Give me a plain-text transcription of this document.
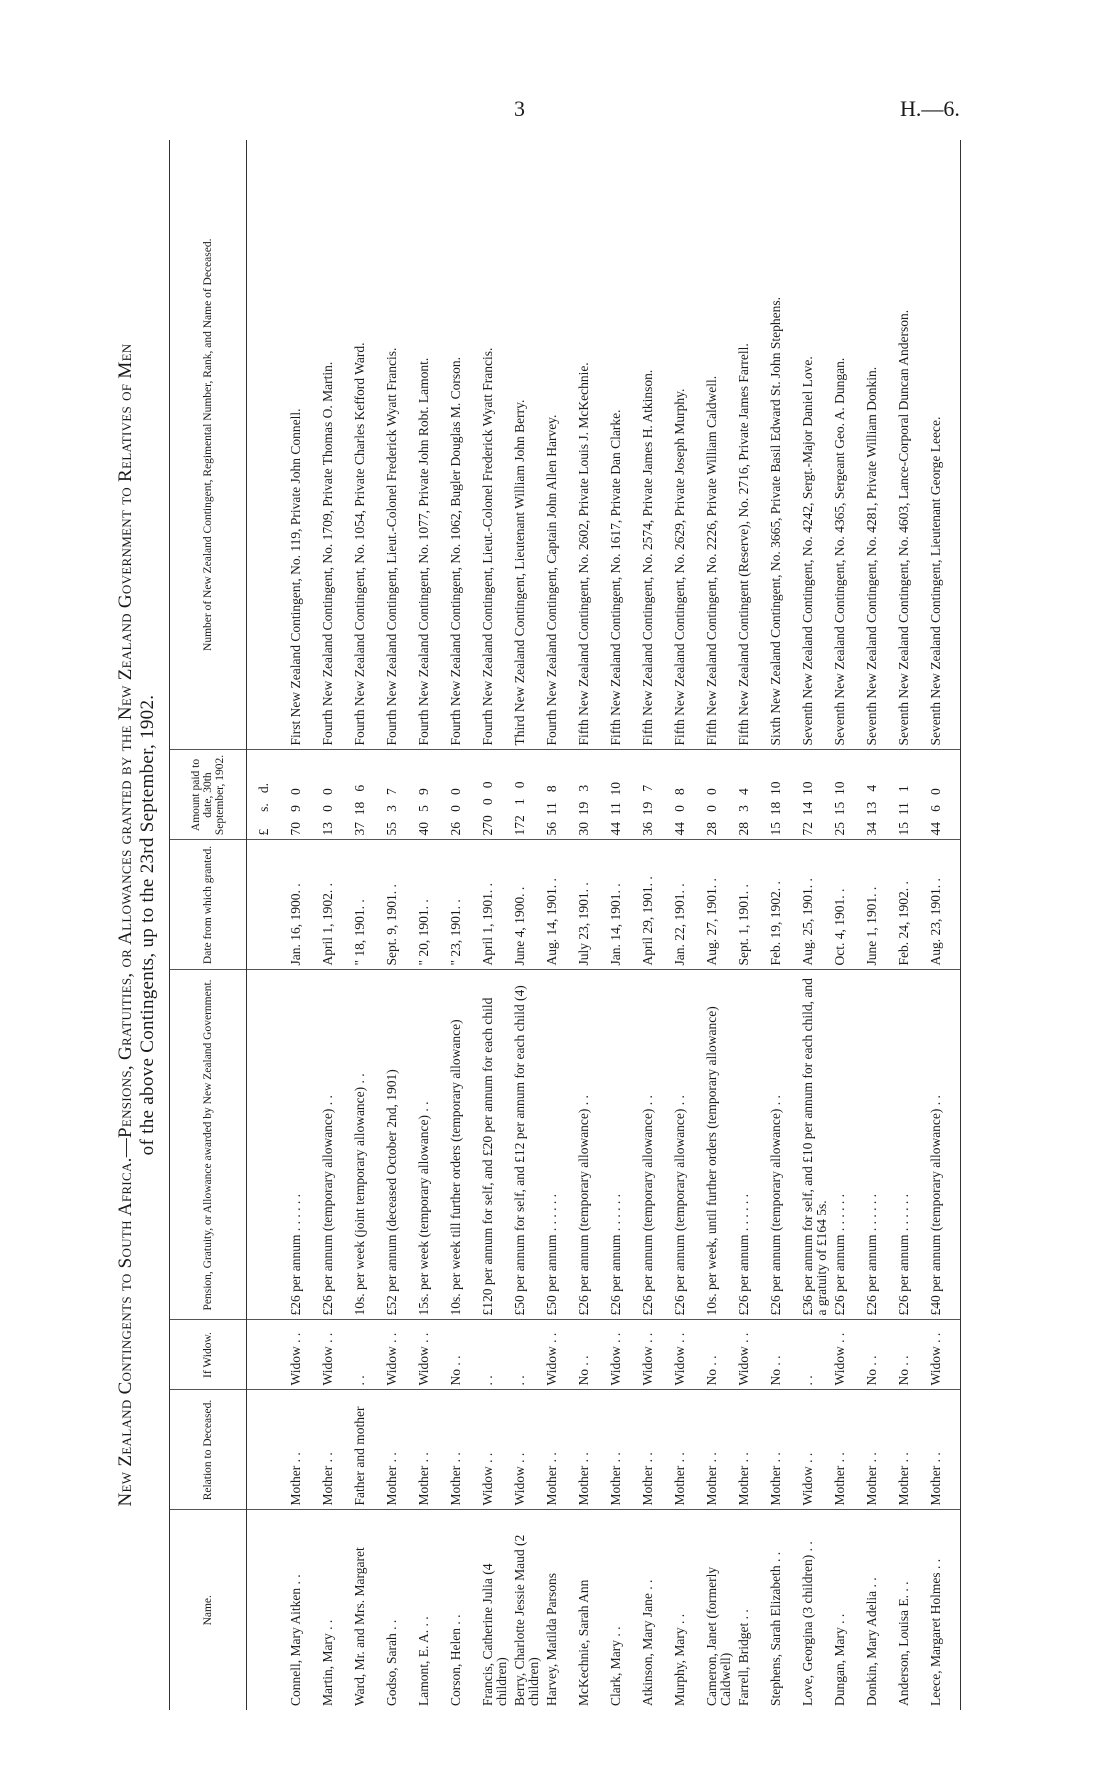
3	H.—6.
New Zealand Contingents to South Africa.—Pensions, Gratuities, or Allowances granted by the New Zealand Government to Relatives of Men of the above Contingents, up to the 23rd September, 1902.
Name.	Relation to Deceased.	If Widow.	Pension, Gratuity, or Allowance awarded by New Zealand Government.	Date from which granted.	Amount paid to date, 30th September, 1902.	Number of New Zealand Contingent, Regimental Number, Rank, and Name of Deceased.
					£     s.   d.	
Connell, Mary Aitken . .	Mother . .	Widow . .	£26 per annum . . . . . .	Jan. 16, 1900. .	70   9   0	First New Zealand Contingent, No. 119, Private John Connell.
Martin, Mary . .	Mother . .	Widow . .	£26 per annum (temporary allowance) . .	April 1, 1902. .	13   0   0	Fourth New Zealand Contingent, No. 1709, Private Thomas O. Martin.
Ward, Mr. and Mrs. Margaret	Father and mother	. .	10s. per week (joint temporary allowance) . .	" 18, 1901. .	37  18   6	Fourth New Zealand Contingent, No. 1054, Private Charles Kefford Ward.
Godso, Sarah . .	Mother . .	Widow . .	£52 per annum (deceased October 2nd, 1901)	Sept. 9, 1901. .	55   3   7	Fourth New Zealand Contingent, Lieut.-Colonel Frederick Wyatt Francis.
Lamont, E. A. . .	Mother . .	Widow . .	15s. per week (temporary allowance) . .	" 20, 1901. .	40   5   9	Fourth New Zealand Contingent, No. 1077, Private John Robt. Lamont.
Corson, Helen . .	Mother . .	No . .	10s. per week till further orders (temporary allowance)	" 23, 1901. .	26   0   0	Fourth New Zealand Contingent, No. 1062, Bugler Douglas M. Corson.
Francis, Catherine Julia (4 children)	Widow . .	. .	£120 per annum for self, and £20 per annum for each child	April 1, 1901. .	270   0   0	Fourth New Zealand Contingent, Lieut.-Colonel Frederick Wyatt Francis.
Berry, Charlotte Jessie Maud (2 children)	Widow . .	. .	£50 per annum for self, and £12 per annum for each child (4)	June 4, 1900. .	172   1   0	Third New Zealand Contingent, Lieutenant William John Berry.
Harvey, Matilda Parsons	Mother . .	Widow . .	£50 per annum . . . . . .	Aug. 14, 1901. .	56  11   8	Fourth New Zealand Contingent, Captain John Allen Harvey.
McKechnie, Sarah Ann	Mother . .	No . .	£26 per annum (temporary allowance) . .	July 23, 1901. .	30  19   3	Fifth New Zealand Contingent, No. 2602, Private Louis J. McKechnie.
Clark, Mary . .	Mother . .	Widow . .	£26 per annum . . . . . .	Jan. 14, 1901. .	44  11  10	Fifth New Zealand Contingent, No. 1617, Private Dan Clarke.
Atkinson, Mary Jane . .	Mother . .	Widow . .	£26 per annum (temporary allowance) . .	April 29, 1901. .	36  19   7	Fifth New Zealand Contingent, No. 2574, Private James H. Atkinson.
Murphy, Mary . .	Mother . .	Widow . .	£26 per annum (temporary allowance) . .	Jan. 22, 1901. .	44   0   8	Fifth New Zealand Contingent, No. 2629, Private Joseph Murphy.
Cameron, Janet (formerly Caldwell)	Mother . .	No . .	10s. per week, until further orders (temporary allowance)	Aug. 27, 1901. .	28   0   0	Fifth New Zealand Contingent, No. 2226, Private William Caldwell.
Farrell, Bridget . .	Mother . .	Widow . .	£26 per annum . . . . . .	Sept. 1, 1901. .	28   3   4	Fifth New Zealand Contingent (Reserve), No. 2716, Private James Farrell.
Stephens, Sarah Elizabeth . .	Mother . .	No . .	£26 per annum (temporary allowance) . .	Feb. 19, 1902. .	15  18  10	Sixth New Zealand Contingent, No. 3665, Private Basil Edward St. John Stephens.
Love, Georgina (3 children) . .	Widow . .	. .	£36 per annum for self, and £10 per annum for each child, and a gratuity of £164 5s.	Aug. 25, 1901. .	72  14  10	Seventh New Zealand Contingent, No. 4242, Sergt.-Major Daniel Love.
Dungan, Mary . .	Mother . .	Widow . .	£26 per annum . . . . . .	Oct. 4, 1901. .	25  15  10	Seventh New Zealand Contingent, No. 4365, Sergeant Geo. A. Dungan.
Donkin, Mary Adelia . .	Mother . .	No . .	£26 per annum . . . . . .	June 1, 1901. .	34  13   4	Seventh New Zealand Contingent, No. 4281, Private William Donkin.
Anderson, Louisa E. . .	Mother . .	No . .	£26 per annum . . . . . .	Feb. 24, 1902. .	15  11   1	Seventh New Zealand Contingent, No. 4603, Lance-Corporal Duncan Anderson.
Leece, Margaret Holmes . .	Mother . .	Widow . .	£40 per annum (temporary allowance) . .	Aug. 23, 1901. .	44   6   0	Seventh New Zealand Contingent, Lieutenant George Leece.
